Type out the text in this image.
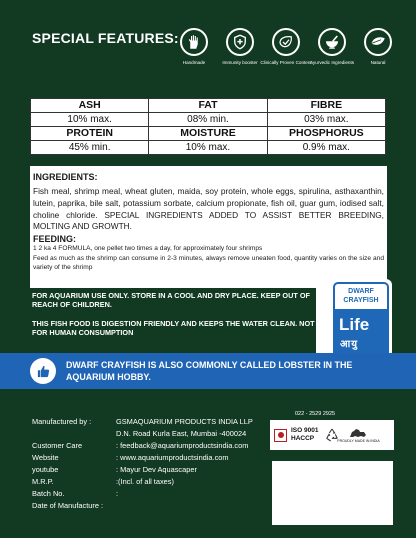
SPECIAL FEATURES:
Handmade	Immunity booster Clinically Proven Content
Ayurvedic Ingredients	Natural
ASH	FAT	FIBRE
10% max.	08% min.	03% max.
PROTEIN	MOISTURE	PHOSPHORUS
45% min.	10% max.	0.9% max.
INGREDIENTS:

Fish meal, shrimp meal, wheat gluten, maida, soy protein, whole eggs, spirulina, asthaxanthin, lutein, paprika, bile salt, potassium sorbate, calcium propionate, fish oil, guar gum, iodised salt, choline chloride. SPECIAL INGREDIENTS ADDED TO ASSIST BETTER BREEDING, MOLTING AND GROWTH.

FEEDING:

1 2 ka 4 FORMULA, one pellet two times a day, for approximately four shrimps

Feed as much as the shrimp can consume in 2-3 minutes, always remove uneaten food, quantity varies on the size and variety of the shrimp

FOR AQUARIUM USE ONLY. STORE IN A COOL AND DRY PLACE. KEEP OUT OF REACH OF CHILDREN.
THIS FISH FOOD IS DIGESTION FRIENDLY AND KEEPS THE WATER CLEAN. NOT FOR HUMAN CONSUMPTION
DWARF CRAYFISH
Life
आयु
DWARF CRAYFISH IS ALSO COMMONLY CALLED LOBSTER IN THE AQUARIUM HOBBY.
Manufactured by :	GSMAQUARIUM PRODUCTS INDIA LLP
D.N. Road Kurla East, Mumbai -400024
Customer Care	: feedback@aquariumproductsindia.com
Website	: www.aquariumproductsindia.com
youtube	: Mayur Dev Aquascaper
M.R.P.	:(Incl. of all taxes)
Batch No.	:
Date of Manufacture :
022 - 2529 2925
ISO 9001
HACCP	PROUDLY MADE IN INDIA
